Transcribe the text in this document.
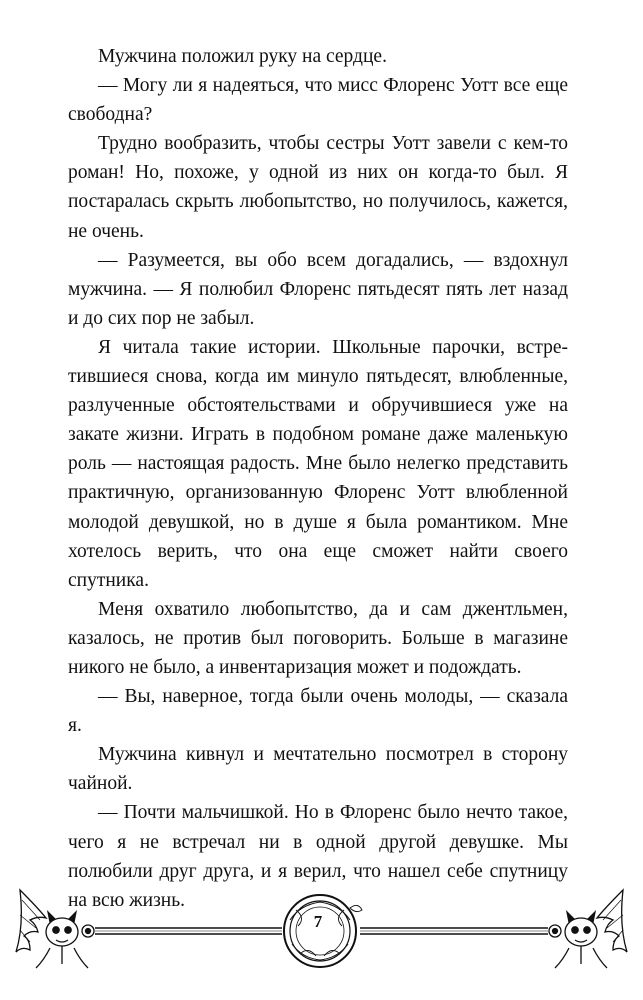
Мужчина положил руку на сердце.

— Могу ли я надеяться, что мисс Флоренс Уотт все еще свободна?

Трудно вообразить, чтобы сестры Уотт завели с кем-то роман! Но, похоже, у одной из них он когда-то был. Я постаралась скрыть любопытство, но получилось, кажется, не очень.

— Разумеется, вы обо всем догадались, — вздохнул мужчина. — Я полюбил Флоренс пятьдесят пять лет назад и до сих пор не забыл.

Я читала такие истории. Школьные парочки, встретившиеся снова, когда им минуло пятьдесят, влюбленные, разлученные обстоятельствами и обручившиеся уже на закате жизни. Играть в подобном романе даже маленькую роль — настоящая радость. Мне было нелегко представить практичную, организованную Флоренс Уотт влюбленной молодой девушкой, но в душе я была романтиком. Мне хотелось верить, что она еще сможет найти своего спутника.

Меня охватило любопытство, да и сам джентльмен, казалось, не против был поговорить. Больше в магазине никого не было, а инвентаризация может и подождать.

— Вы, наверное, тогда были очень молоды, — сказала я.

Мужчина кивнул и мечтательно посмотрел в сторону чайной.

— Почти мальчишкой. Но в Флоренс было нечто такое, чего я не встречал ни в одной другой девушке. Мы полюбили друг друга, и я верил, что нашел себе спутницу на всю жизнь.

7
